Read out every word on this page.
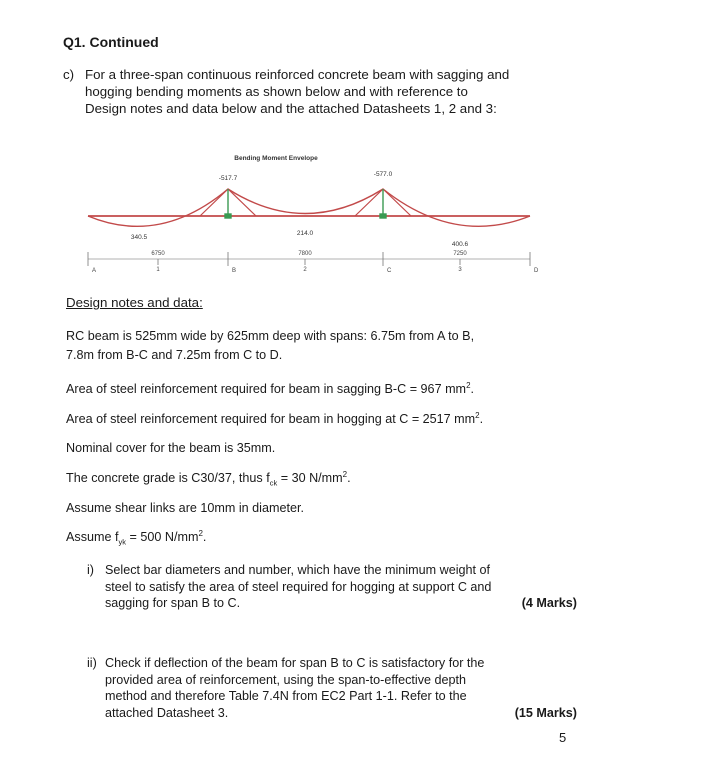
Q1. Continued
c) For a three-span continuous reinforced concrete beam with sagging and
hogging bending moments as shown below and with reference to
Design notes and data below and the attached Datasheets 1, 2 and 3:
Bending Moment Envelope
-517.7
-577.0
340.5
214.0
400.6
6750	7800	7250
1	2	3
A	B	C	D
Design notes and data:
RC beam is 525mm wide by 625mm deep with spans: 6.75m from A to B,
7.8m from B-C and 7.25m from C to D.
Area of steel reinforcement required for beam in sagging B-C = 967 $mm^2$.
Area of steel reinforcement required for beam in hogging at C = 2517 $mm^2$.
Nominal cover for the beam is 35mm.
The concrete grade is C30/37, thus $f_{ck} = 30$ $N/mm^2$.
Assume shear links are 10mm in diameter.
Assume $f_{yk} = 500$ $N/mm^2$.
i) Select bar diameters and number, which have the minimum weight of
steel to satisfy the area of steel required for hogging at support C and
sagging for span B to C.	(4 Marks)
ii) Check if deflection of the beam for span B to C is satisfactory for the
provided area of reinforcement, using the span-to-effective depth
method and therefore Table 7.4N from EC2 Part 1-1. Refer to the
attached Datasheet 3.	(15 Marks)
5
